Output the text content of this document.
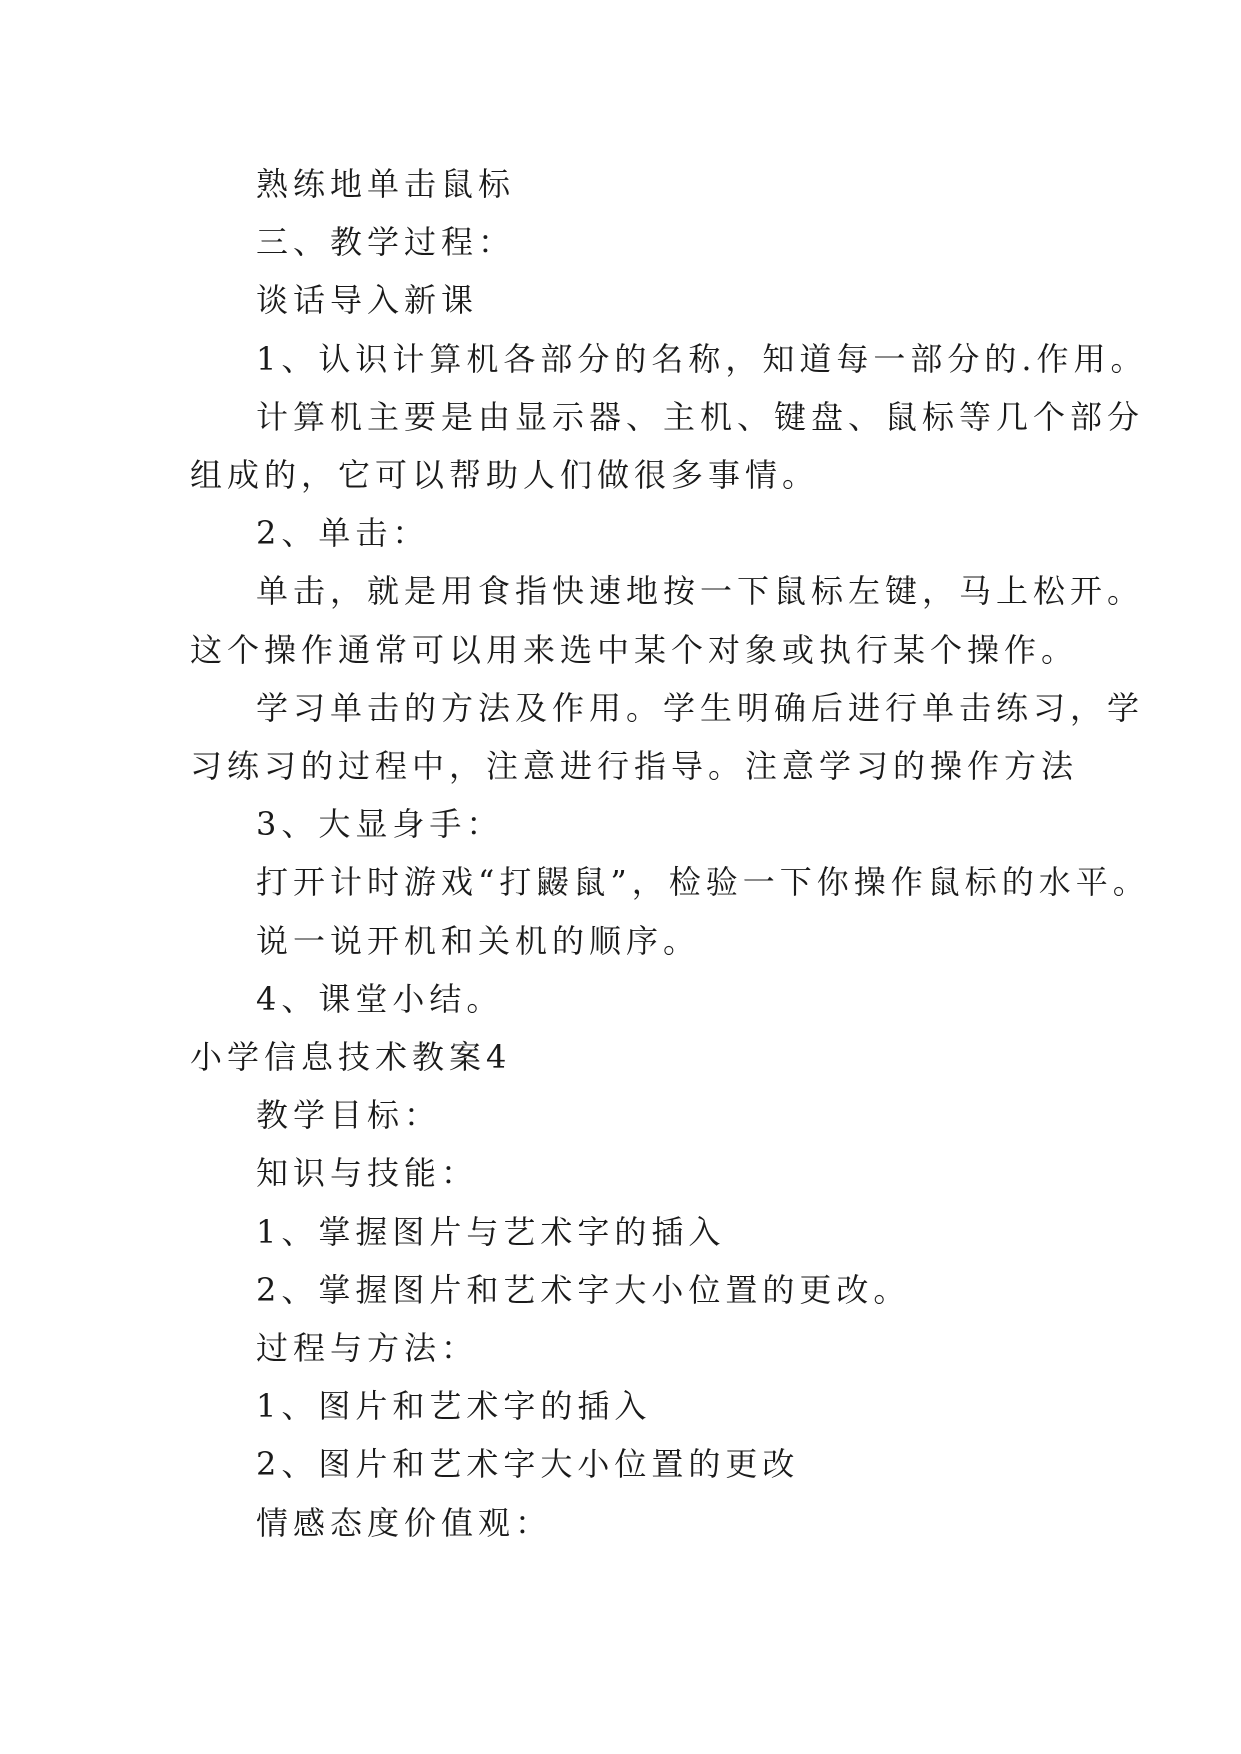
熟练地单击鼠标
三、教学过程：
谈话导入新课
1、认识计算机各部分的名称，知道每一部分的.作用。
计算机主要是由显示器、主机、键盘、鼠标等几个部分
组成的，它可以帮助人们做很多事情。
2、单击：
单击，就是用食指快速地按一下鼠标左键，马上松开。
这个操作通常可以用来选中某个对象或执行某个操作。
学习单击的方法及作用。学生明确后进行单击练习，学
习练习的过程中，注意进行指导。注意学习的操作方法
3、大显身手：
打开计时游戏“打鼹鼠”，检验一下你操作鼠标的水平。
说一说开机和关机的顺序。
4、课堂小结。
小学信息技术教案4
教学目标：
知识与技能：
1、掌握图片与艺术字的插入
2、掌握图片和艺术字大小位置的更改。
过程与方法：
1、图片和艺术字的插入
2、图片和艺术字大小位置的更改
情感态度价值观：
